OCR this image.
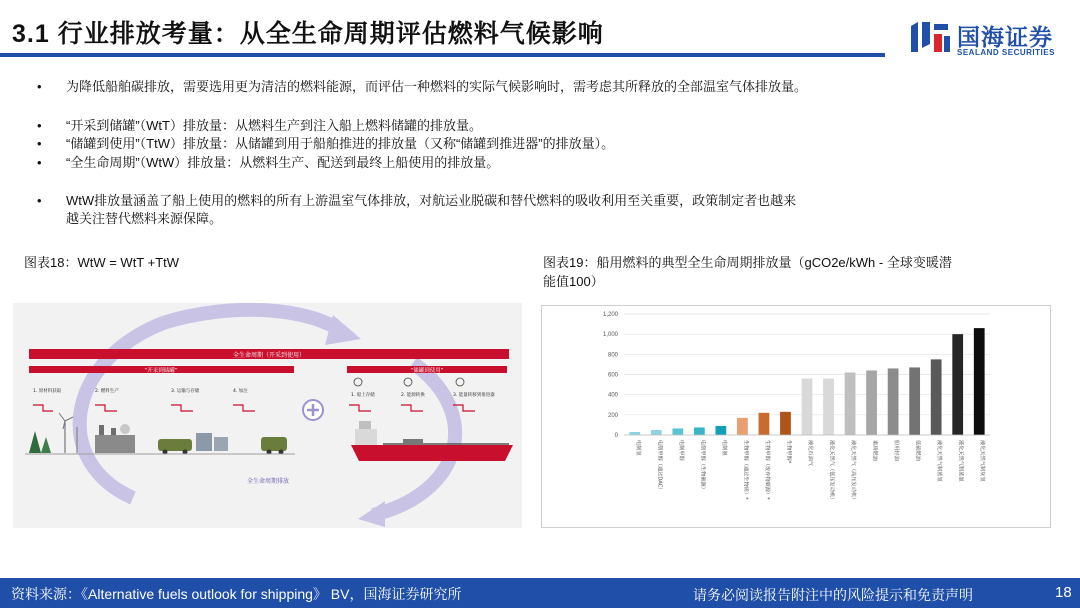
3.1 行业排放考量：从全生命周期评估燃料气候影响	国海证券
SEALAND SECURITIES
• 为降低船舶碳排放，需要选用更为清洁的燃料能源，而评估一种燃料的实际气候影响时，需考虑其所释放的全部温室气体排放量。
• “开采到储罐”（WtT）排放量：从燃料生产到注入船上燃料储罐的排放量。
• “储罐到使用”（TtW）排放量：从储罐到用于船舶推进的排放量（又称“储罐到推进器”的排放量）。
• “全生命周期”（WtW）排放量：从燃料生产、配送到最终上船使用的排放量。
• WtW排放量涵盖了船上使用的燃料的所有上游温室气体排放，对航运业脱碳和替代燃料的吸收利用至关重要，政策制定者也越来
越关注替代燃料来源保障。
图表18：WtW = WtT +TtW	图表19：船用燃料的典型全生命周期排放量（gCO2e/kWh - 全球变暖潜
能值100）
全生命周期（开采到使用）
“开采到储罐”	“储罐到使用”
1. 原材料获取	2. 燃料生产	3. 运输与存储	4. 加注
1. 船上存储	2. 能源转换	3. 能量转移到推进器
全生命周期排放
0
200
400
600
800
1,000
1,200
电制氢	电制甲醇（通过DAC）	电制甲醇	电制甲醇（生物碳源）	电制氨	生物甲醇（通过生物质）*	生物甲醇（废弃物碳源）*	生物甲醇*	液化石油气	液化天然气（低压发动机）	液化天然气（高压发动机）	重质燃油	船用轻油	低硫燃油	液化天然气制蓝氢	液化天然气制蓝氨	液化天然气制灰氢
资料来源：《Alternative fuels outlook for shipping》 BV，国海证券研究所	请务必阅读报告附注中的风险提示和免责声明	18
